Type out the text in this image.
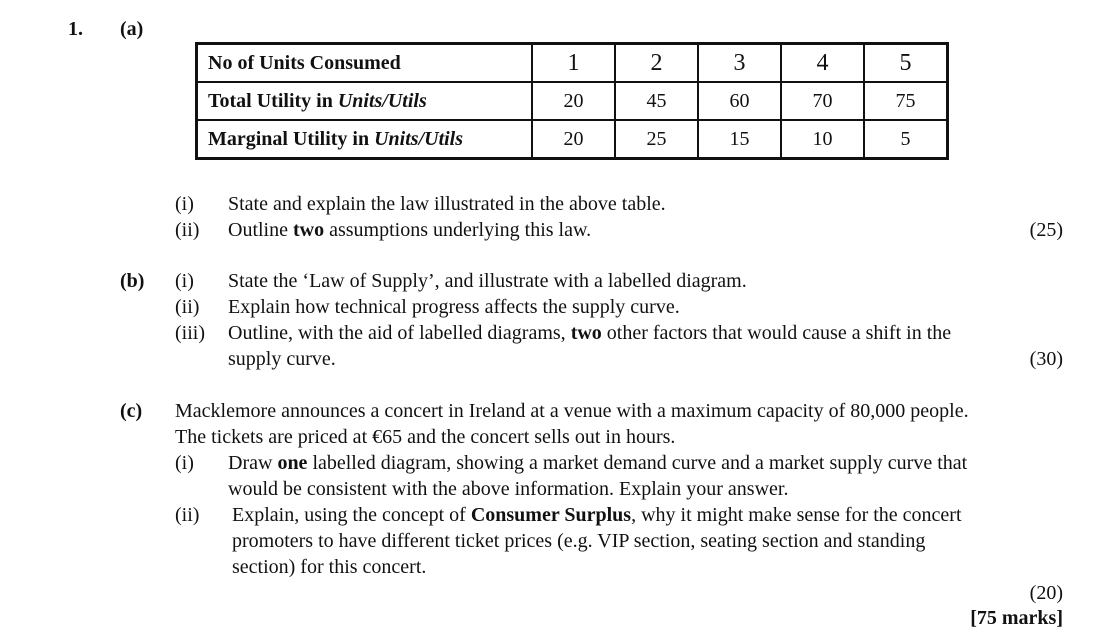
1. (a)
No of Units Consumed	1	2	3	4	5
Total Utility in Units/Utils	20	45	60	70	75
Marginal Utility in Units/Utils	20	25	15	10	5
(i) State and explain the law illustrated in the above table.
(ii) Outline two assumptions underlying this law.	(25)
(b) (i) State the ‘Law of Supply’, and illustrate with a labelled diagram.
(ii) Explain how technical progress affects the supply curve.
(iii) Outline, with the aid of labelled diagrams, two other factors that would cause a shift in the
supply curve.	(30)
(c) Macklemore announces a concert in Ireland at a venue with a maximum capacity of 80,000 people.
The tickets are priced at €65 and the concert sells out in hours.
(i) Draw one labelled diagram, showing a market demand curve and a market supply curve that
would be consistent with the above information. Explain your answer.
(ii) Explain, using the concept of Consumer Surplus, why it might make sense for the concert
promoters to have different ticket prices (e.g. VIP section, seating section and standing
section) for this concert.
(20)
[75 marks]
